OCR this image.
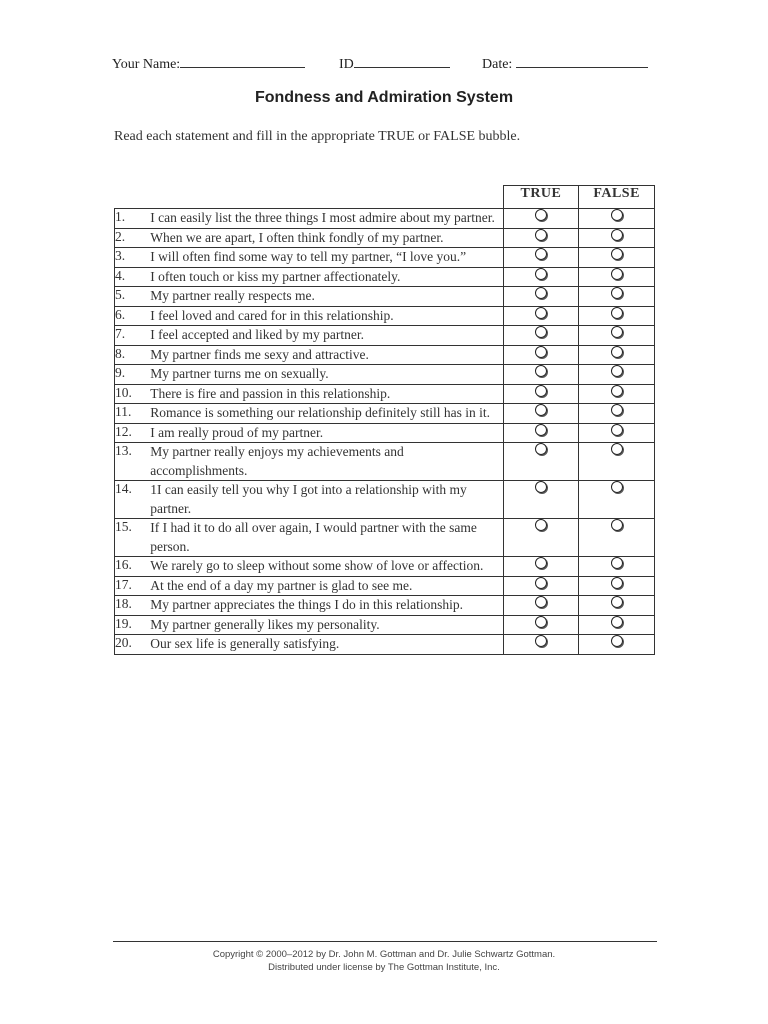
Your Name:	ID	Date:
Fondness and Admiration System
Read each statement and fill in the appropriate TRUE or FALSE bubble.
		TRUE	FALSE
1.	I can easily list the three things I most admire about my partner.		
2.	When we are apart, I often think fondly of my partner.		
3.	I will often find some way to tell my partner, “I love you.”		
4.	I often touch or kiss my partner affectionately.		
5.	My partner really respects me.		
6.	I feel loved and cared for in this relationship.		
7.	I feel accepted and liked by my partner.		
8.	My partner finds me sexy and attractive.		
9.	My partner turns me on sexually.		
10.	There is fire and passion in this relationship.		
11.	Romance is something our relationship definitely still has in it.		
12.	I am really proud of my partner.		
13.	My partner really enjoys my achievements and accomplishments.		
14.	1I can easily tell you why I got into a relationship with my partner.		
15.	If I had it to do all over again, I would partner with the same person.		
16.	We rarely go to sleep without some show of love or affection.		
17.	At the end of a day my partner is glad to see me.		
18.	My partner appreciates the things I do in this relationship.		
19.	My partner generally likes my personality.		
20.	Our sex life is generally satisfying.		
Copyright © 2000–2012 by Dr. John M. Gottman and Dr. Julie Schwartz Gottman.
Distributed under license by The Gottman Institute, Inc.
